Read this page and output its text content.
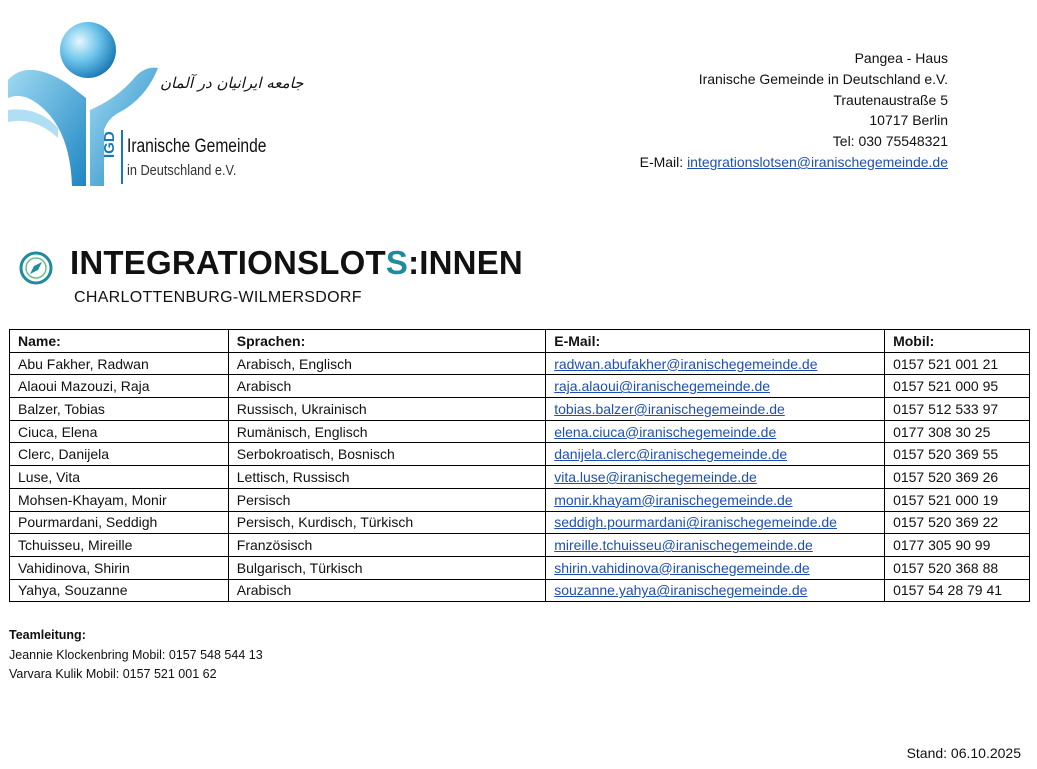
جامعه ایرانیان در آلمان
IGD Iranische Gemeinde
in Deutschland e.V.
Pangea - Haus
Iranische Gemeinde in Deutschland e.V.
Trautenaustraße 5
10717 Berlin
Tel: 030 75548321
E-Mail: integrationslotsen@iranischegemeinde.de
INTEGRATIONSLOTS:INNEN
CHARLOTTENBURG-WILMERSDORF
Name:	Sprachen:	E-Mail:	Mobil:
Abu Fakher, Radwan	Arabisch, Englisch	radwan.abufakher@iranischegemeinde.de	0157 521 001 21
Alaoui Mazouzi, Raja	Arabisch	raja.alaoui@iranischegemeinde.de	0157 521 000 95
Balzer, Tobias	Russisch, Ukrainisch	tobias.balzer@iranischegemeinde.de	0157 512 533 97
Ciuca, Elena	Rumänisch, Englisch	elena.ciuca@iranischegemeinde.de	0177 308 30 25
Clerc, Danijela	Serbokroatisch, Bosnisch	danijela.clerc@iranischegemeinde.de	0157 520 369 55
Luse, Vita	Lettisch, Russisch	vita.luse@iranischegemeinde.de	0157 520 369 26
Mohsen-Khayam, Monir	Persisch	monir.khayam@iranischegemeinde.de	0157 521 000 19
Pourmardani, Seddigh	Persisch, Kurdisch, Türkisch	seddigh.pourmardani@iranischegemeinde.de	0157 520 369 22
Tchuisseu, Mireille	Französisch	mireille.tchuisseu@iranischegemeinde.de	0177 305 90 99
Vahidinova, Shirin	Bulgarisch, Türkisch	shirin.vahidinova@iranischegemeinde.de	0157 520 368 88
Yahya, Souzanne	Arabisch	souzanne.yahya@iranischegemeinde.de	0157 54 28 79 41
Teamleitung:
Jeannie Klockenbring Mobil: 0157 548 544 13
Varvara Kulik Mobil: 0157 521 001 62
Stand: 06.10.2025
